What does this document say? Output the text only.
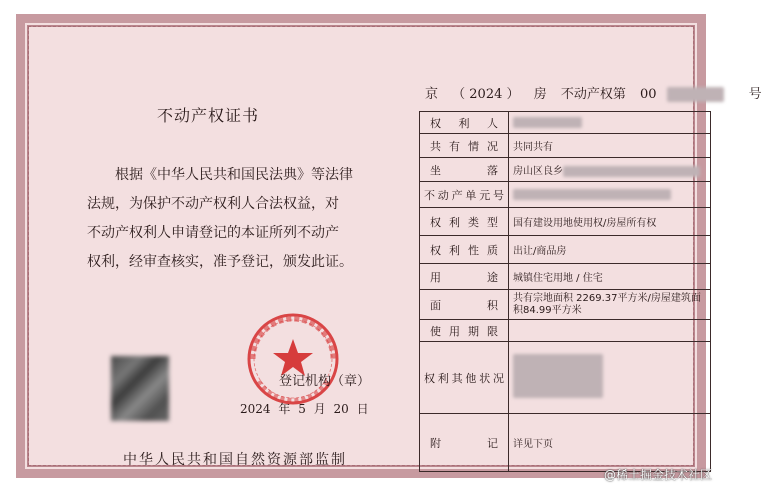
不动产权证书
根据《中华人民共和国民法典》等法律
法规，为保护不动产权利人合法权益，对
不动产权利人申请登记的本证所列不动产
权利，经审查核实，准予登记，颁发此证。
登记机构（章）
2024 年 5 月 20 日
中华人民共和国自然资源部监制
京 （ 2024 ） 房 不动产权第 00	号
权利人	
共有情况	共同共有
坐落	房山区良乡
不动产单元号	
权利类型	国有建设用地使用权/房屋所有权
权利性质	出让/商品房
用途	城镇住宅用地 / 住宅
面积	共有宗地面积 2269.37平方米/房屋建筑面积84.99平方米
使用期限	
权利其他状况	
附记	详见下页
@稀土掘金技术社区
